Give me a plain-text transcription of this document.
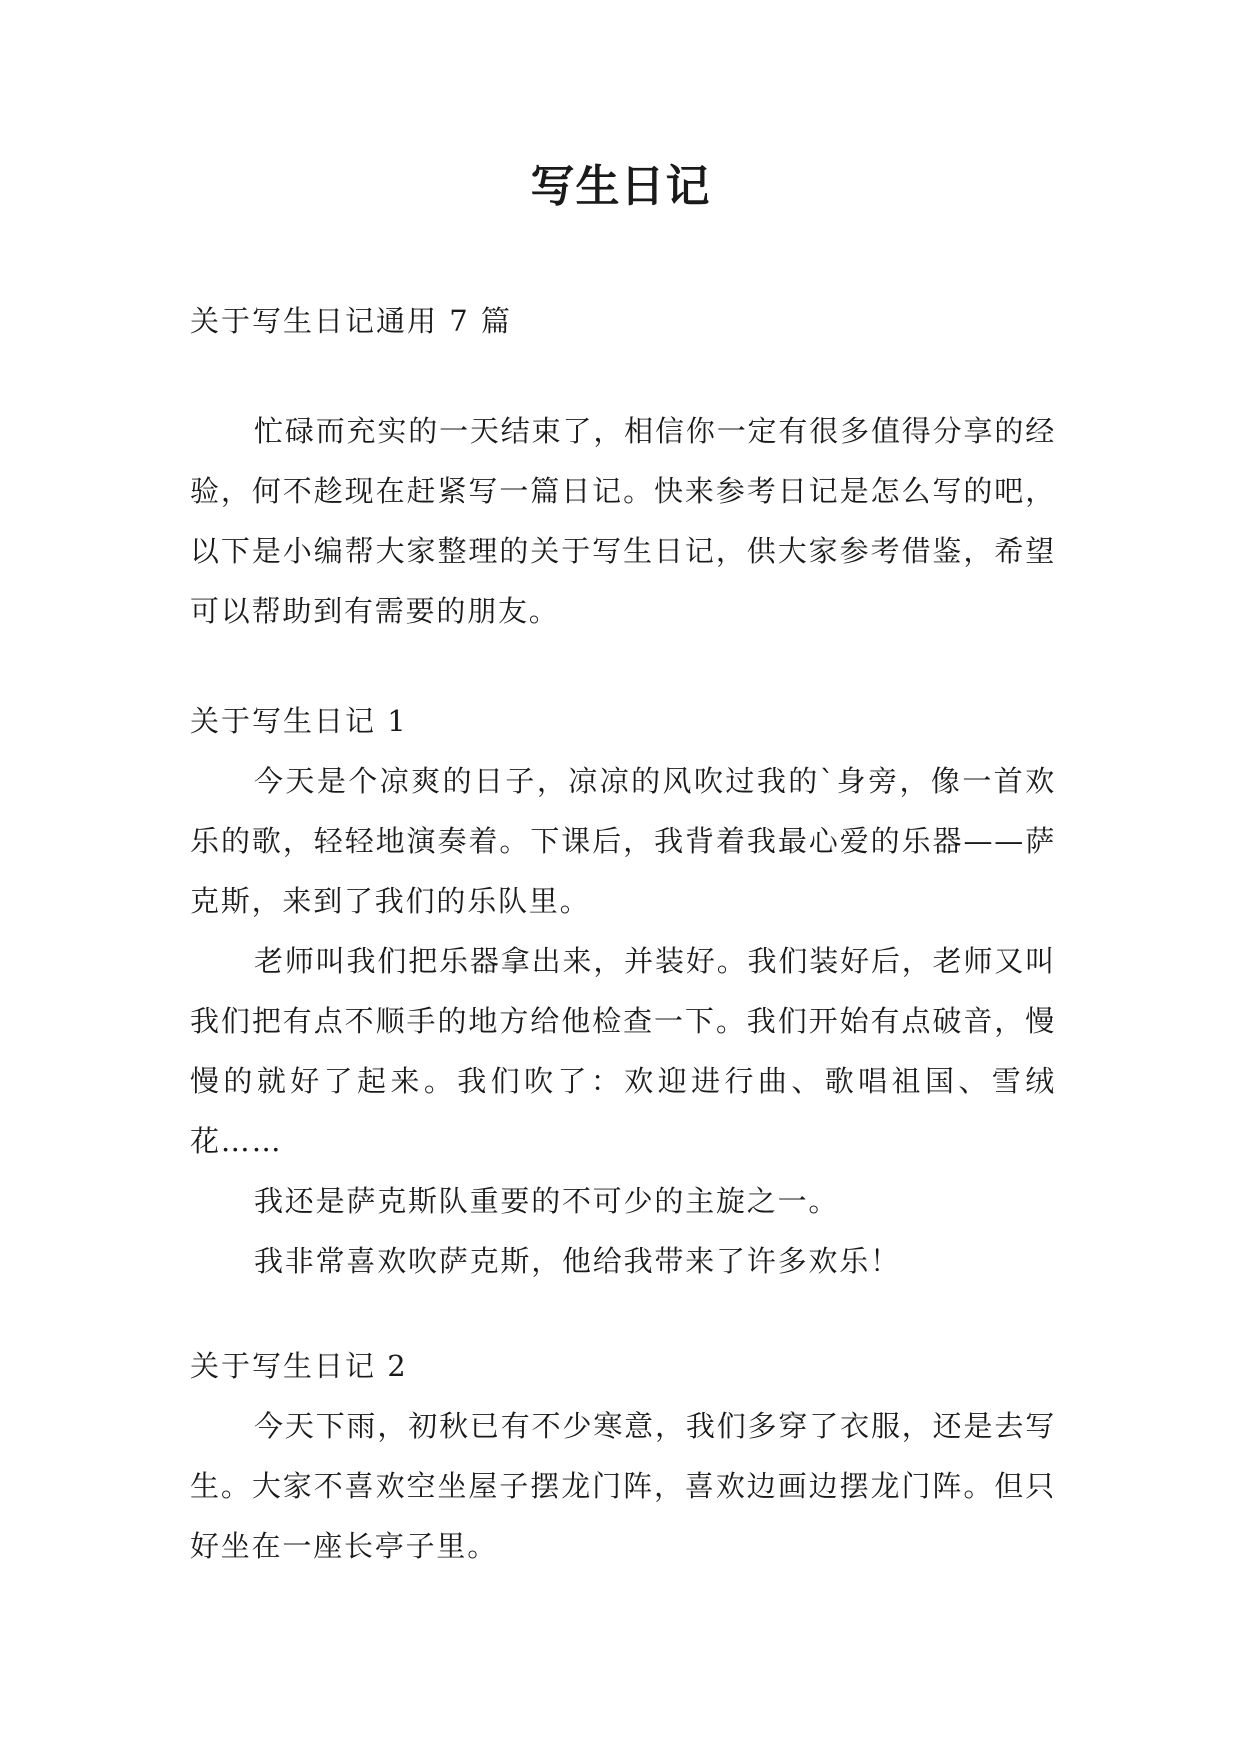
写生日记

关于写生日记通用 7 篇

忙碌而充实的一天结束了，相信你一定有很多值得分享的经验，何不趁现在赶紧写一篇日记。快来参考日记是怎么写的吧，以下是小编帮大家整理的关于写生日记，供大家参考借鉴，希望可以帮助到有需要的朋友。

关于写生日记 1

今天是个凉爽的日子，凉凉的风吹过我的`身旁，像一首欢乐的歌，轻轻地演奏着。下课后，我背着我最心爱的乐器——萨克斯，来到了我们的乐队里。

老师叫我们把乐器拿出来，并装好。我们装好后，老师又叫我们把有点不顺手的地方给他检查一下。我们开始有点破音，慢慢的就好了起来。我们吹了：欢迎进行曲、歌唱祖国、雪绒花……

我还是萨克斯队重要的不可少的主旋之一。

我非常喜欢吹萨克斯，他给我带来了许多欢乐！

关于写生日记 2

今天下雨，初秋已有不少寒意，我们多穿了衣服，还是去写生。大家不喜欢空坐屋子摆龙门阵，喜欢边画边摆龙门阵。但只好坐在一座长亭子里。
